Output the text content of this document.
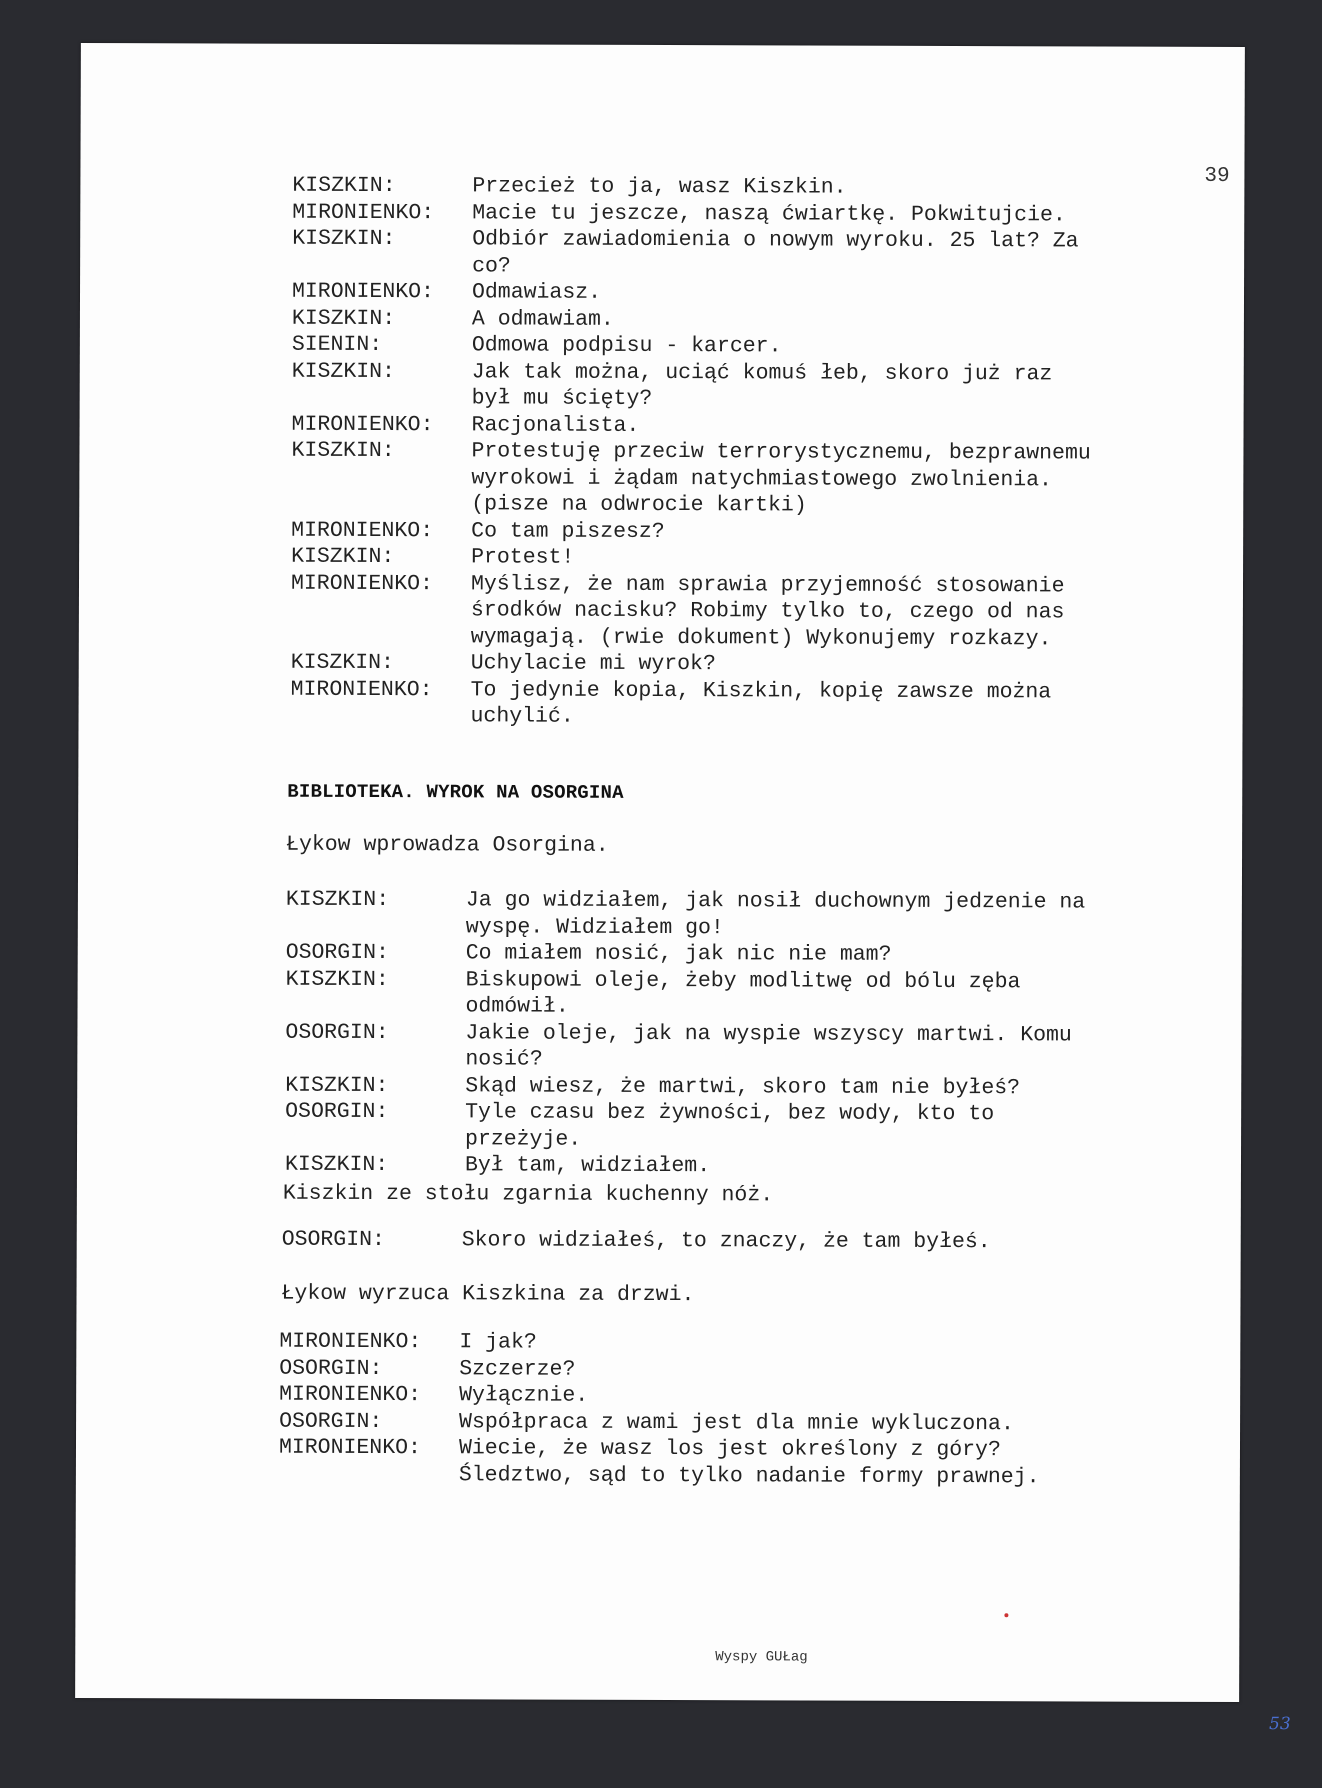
39
KISZKIN:	Przecież to ja, wasz Kiszkin.
MIRONIENKO: Macie tu jeszcze, naszą ćwiartkę. Pokwitujcie.
KISZKIN:	Odbiór zawiadomienia o nowym wyroku. 25 lat? Za
co?
MIRONIENKO: Odmawiasz.
KISZKIN:	A odmawiam.
SIENIN:	Odmowa podpisu - karcer.
KISZKIN:	Jak tak można, uciąć komuś łeb, skoro już raz
był mu ścięty?
MIRONIENKO: Racjonalista.
KISZKIN:	Protestuję przeciw terrorystycznemu, bezprawnemu
wyrokowi i żądam natychmiastowego zwolnienia.
(pisze na odwrocie kartki)
MIRONIENKO: Co tam piszesz?
KISZKIN:	Protest!
MIRONIENKO: Myślisz, że nam sprawia przyjemność stosowanie
środków nacisku? Robimy tylko to, czego od nas
wymagają. (rwie dokument) Wykonujemy rozkazy.
KISZKIN:	Uchylacie mi wyrok?
MIRONIENKO: To jedynie kopia, Kiszkin, kopię zawsze można
uchylić.
BIBLIOTEKA. WYROK NA OSORGINA
Łykow wprowadza Osorgina.
KISZKIN:	Ja go widziałem, jak nosił duchownym jedzenie na
wyspę. Widziałem go!
OSORGIN:	Co miałem nosić, jak nic nie mam?
KISZKIN:	Biskupowi oleje, żeby modlitwę od bólu zęba
odmówił.
OSORGIN:	Jakie oleje, jak na wyspie wszyscy martwi. Komu
nosić?
KISZKIN:	Skąd wiesz, że martwi, skoro tam nie byłeś?
OSORGIN:	Tyle czasu bez żywności, bez wody, kto to
przeżyje.
KISZKIN:	Był tam, widziałem.
Kiszkin ze stołu zgarnia kuchenny nóż.
OSORGIN:	Skoro widziałeś, to znaczy, że tam byłeś.
Łykow wyrzuca Kiszkina za drzwi.
MIRONIENKO: I jak?
OSORGIN:	Szczerze?
MIRONIENKO: Wyłącznie.
OSORGIN:	Współpraca z wami jest dla mnie wykluczona.
MIRONIENKO: Wiecie, że wasz los jest określony z góry?
Śledztwo, sąd to tylko nadanie formy prawnej.
Wyspy GUŁag
53
